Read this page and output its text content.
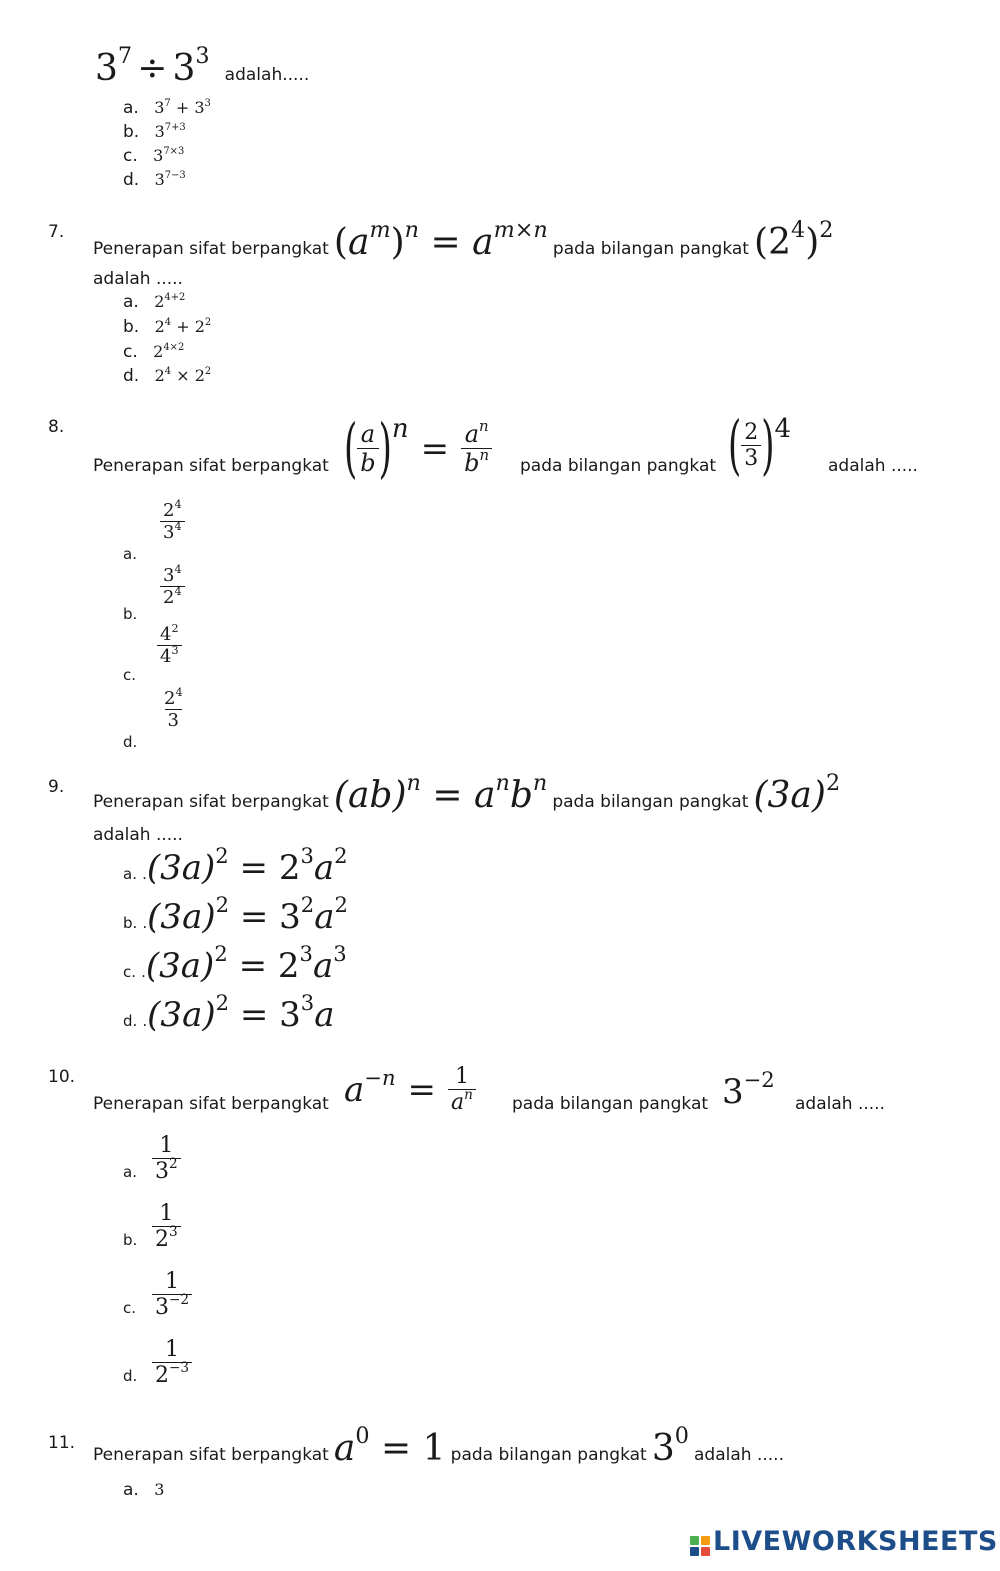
$3^7 \div 3^3$ adalah.....
a. $3^7 + 3^3$
b. $3^{7+3}$
c. $3^{7\times 3}$
d. $3^{7-3}$
7.
Penerapan sifat berpangkat $(a^m)^n = a^{m\times n}$ pada bilangan pangkat $(2^4)^2$
adalah .....
a. $2^{4+2}$
b. $2^4 + 2^2$
c. $2^{4\times 2}$
d. $2^4 \times 2^2$
8.
Penerapan sifat berpangkat ( $\frac{a}{b}$ ) $n = \frac{a^n}{b^n}$ pada bilangan pangkat ( $\frac{2}{3}$ ) 4
adalah .....
a.
$\frac{2^4}{3^4}$
b.
$\frac{3^4}{2^4}$
c.
$\frac{4^2}{4^3}$
d.
$\frac{2^4}{3}$
9.
Penerapan sifat berpangkat $(ab)^n = a^nb^n$ pada bilangan pangkat $(3a)^2$
adalah .....
a. $.(3a)^2 = 2^3a^2$
b. $.(3a)^2 = 3^2a^2$
c. $.(3a)^2 = 2^3a^3$
d. $.(3a)^2 = 3^3a$
10.
Penerapan sifat berpangkat $a^{-n} = \frac{1}{a^n}$ pada bilangan pangkat $3^{-2}$
adalah .....
a. $\frac{1}{3^2}$
b. $\frac{1}{2^3}$
c. $\frac{1}{3^{-2}}$
d. $\frac{1}{2^{-3}}$
11.
Penerapan sifat berpangkat $a^0 = 1$ pada bilangan pangkat $3^0$ adalah .....
a. 3
LIVEWORKSHEETS
